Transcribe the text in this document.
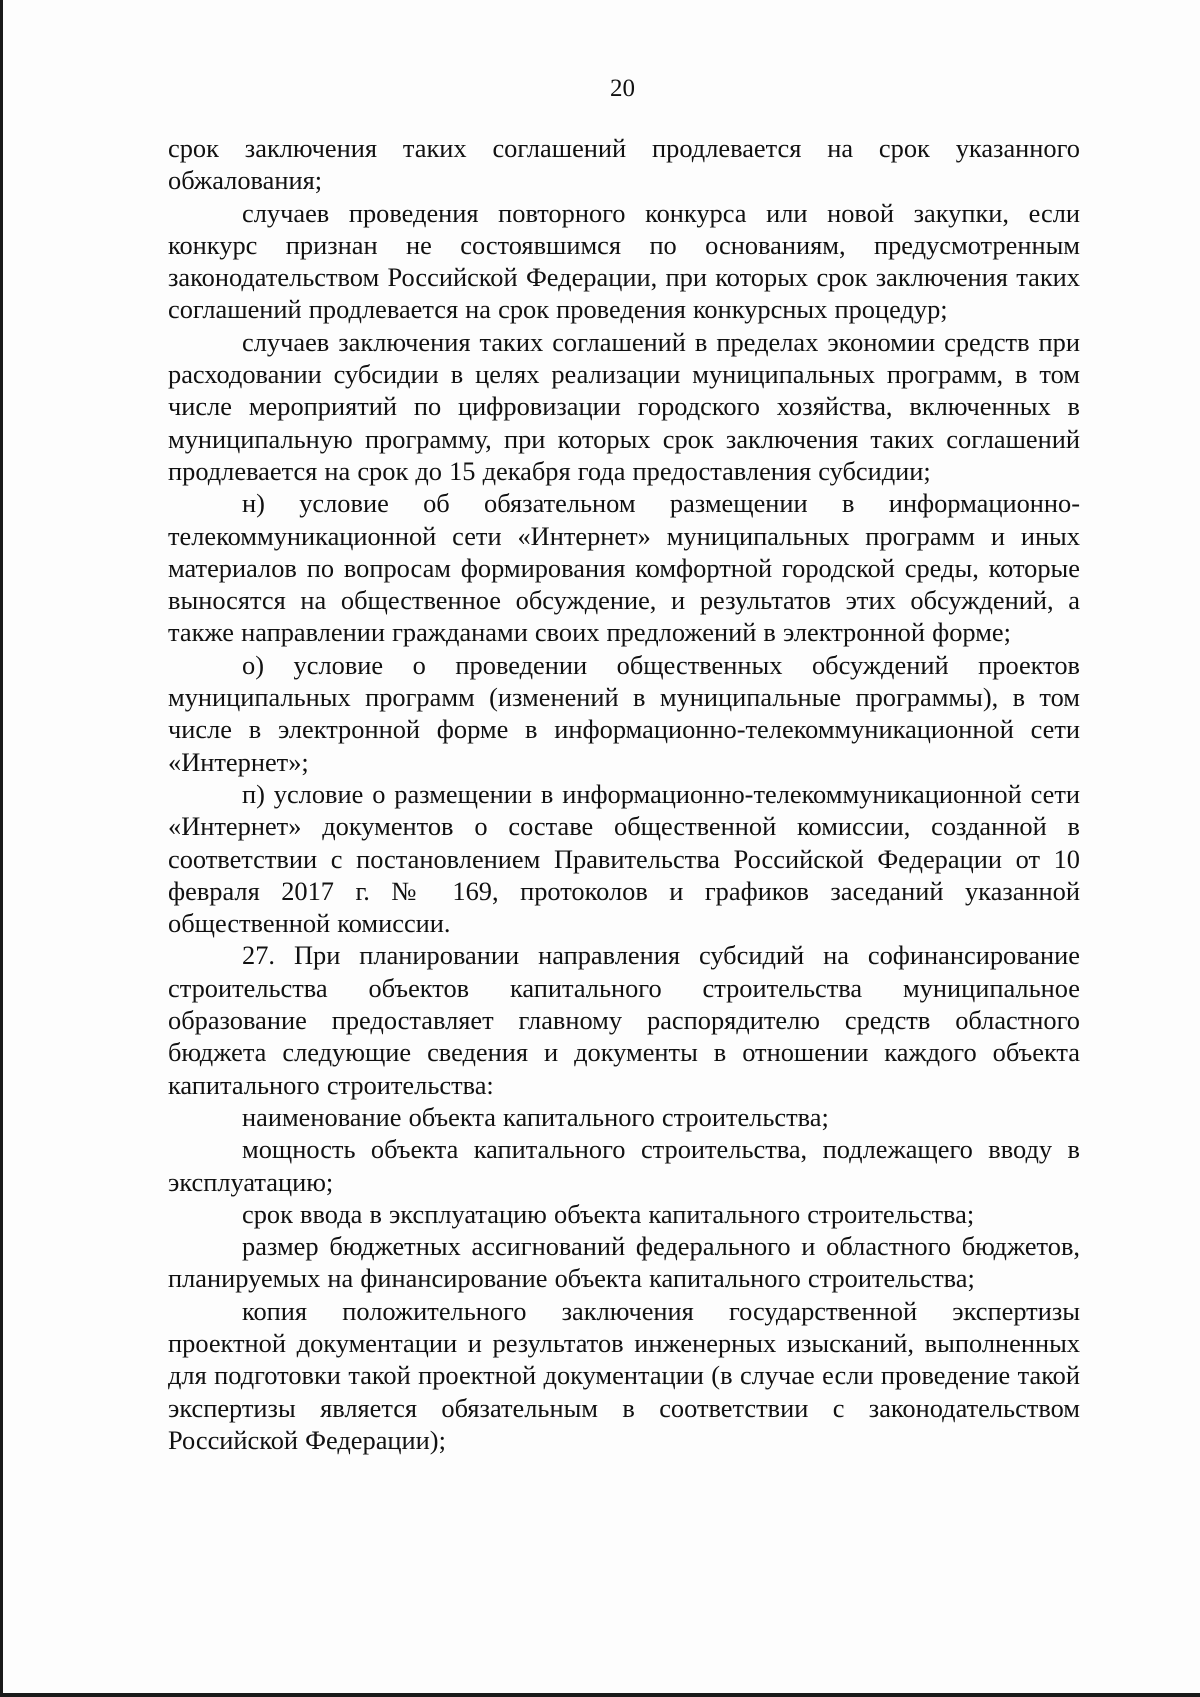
20

срок заключения таких соглашений продлевается на срок указанного обжалования;

случаев проведения повторного конкурса или новой закупки, если конкурс признан не состоявшимся по основаниям, предусмотренным законодательством Российской Федерации, при которых срок заключения таких соглашений продлевается на срок проведения конкурсных процедур;

случаев заключения таких соглашений в пределах экономии средств при расходовании субсидии в целях реализации муниципальных программ, в том числе мероприятий по цифровизации городского хозяйства, включенных в муниципальную программу, при которых срок заключения таких соглашений продлевается на срок до 15 декабря года предоставления субсидии;

н) условие об обязательном размещении в информационно-телекоммуникационной сети «Интернет» муниципальных программ и иных материалов по вопросам формирования комфортной городской среды, которые выносятся на общественное обсуждение, и результатов этих обсуждений, а также направлении гражданами своих предложений в электронной форме;

о) условие о проведении общественных обсуждений проектов муниципальных программ (изменений в муниципальные программы), в том числе в электронной форме в информационно-телекоммуникационной сети «Интернет»;

п) условие о размещении в информационно-телекоммуникационной сети «Интернет» документов о составе общественной комиссии, созданной в соответствии с постановлением Правительства Российской Федерации от 10 февраля 2017 г. № 169, протоколов и графиков заседаний указанной общественной комиссии.

27. При планировании направления субсидий на софинансирование строительства объектов капитального строительства муниципальное образование предоставляет главному распорядителю средств областного бюджета следующие сведения и документы в отношении каждого объекта капитального строительства:

наименование объекта капитального строительства;

мощность объекта капитального строительства, подлежащего вводу в эксплуатацию;

срок ввода в эксплуатацию объекта капитального строительства;

размер бюджетных ассигнований федерального и областного бюджетов, планируемых на финансирование объекта капитального строительства;

копия положительного заключения государственной экспертизы проектной документации и результатов инженерных изысканий, выполненных для подготовки такой проектной документации (в случае если проведение такой экспертизы является обязательным в соответствии с законодательством Российской Федерации);
